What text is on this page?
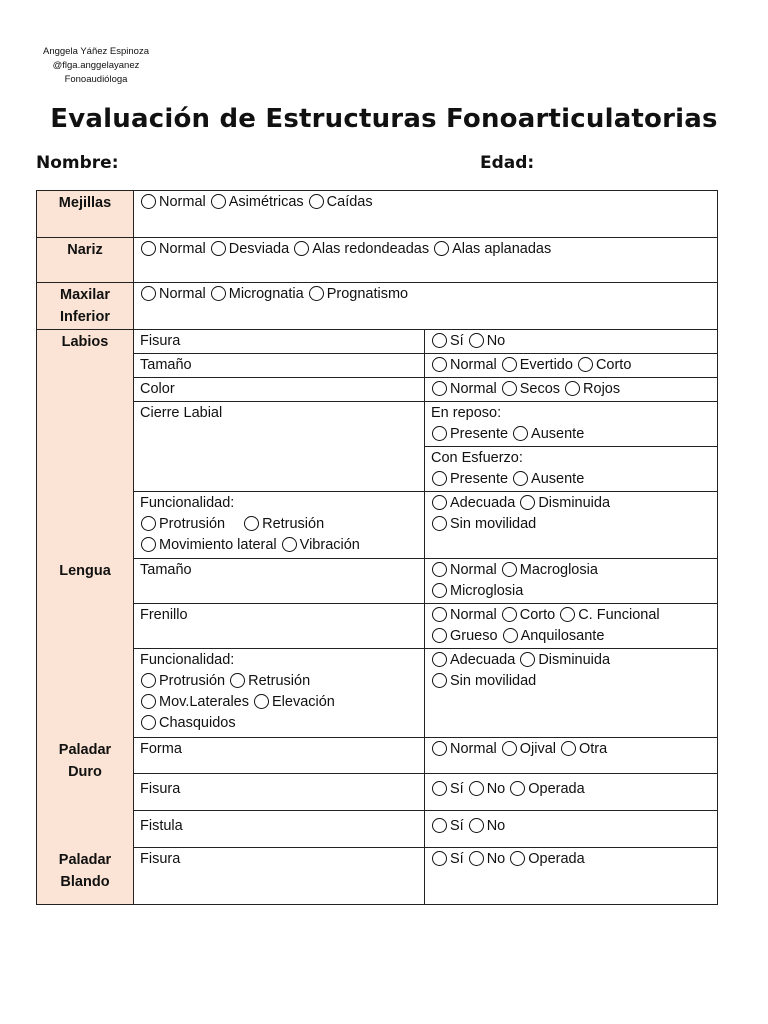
Anggela Yáñez Espinoza
@flga.anggelayanez
Fonoaudióloga
Evaluación de Estructuras Fonoarticulatorias
Nombre:	Edad:
Mejillas	Normal Asimétricas Caídas	

Nariz	Normal Desviada Alas redondeadas Alas aplanadas	

Maxilar
Inferior	Normal Micrognatia Prognatismo	

Labios	Fisura	Sí No
	Tamaño	Normal Evertido Corto
	Color	Normal Secos Rojos
	Cierre Labial	En reposo:
Presente Ausente

		Con Esfuerzo:
Presente Ausente

	Funcionalidad:
Protrusión Retrusión
Movimiento lateral Vibración	Adecuada Disminuida
Sin movilidad

Lengua	Tamaño	Normal Macroglosia
Microglosia

	Frenillo	Normal Corto C. Funcional
Grueso Anquilosante

	Funcionalidad:
Protrusión Retrusión
Mov.Laterales Elevación
Chasquidos	Adecuada Disminuida
Sin movilidad

Paladar
Duro	Forma	Normal Ojival Otra
	Fisura	Sí No Operada
	Fistula	Sí No

Paladar
Blando	Fisura	Sí No Operada
